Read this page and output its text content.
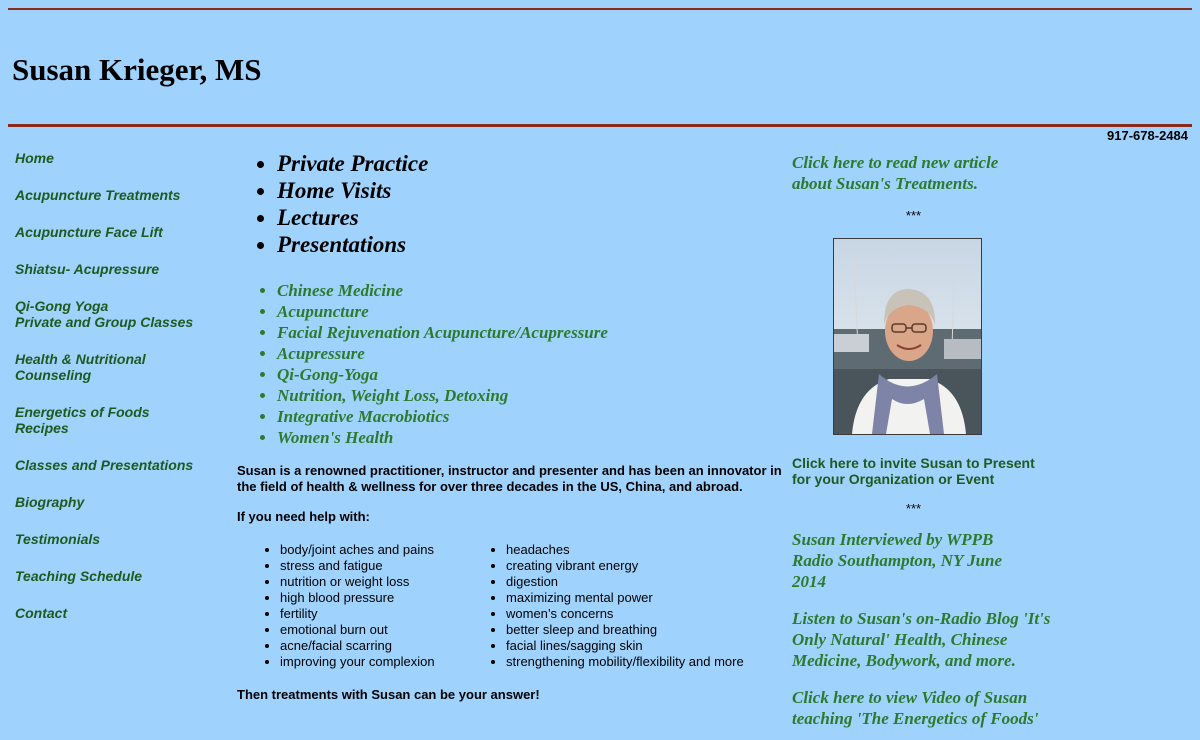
Susan Krieger, MS
917-678-2484
Home
Acupuncture Treatments
Acupuncture Face Lift
Shiatsu- Acupressure
Qi-Gong Yoga
Private and Group Classes
Health & Nutritional
Counseling
Energetics of Foods
Recipes
Classes and Presentations
Biography
Testimonials
Teaching Schedule
Contact
• Private Practice
• Home Visits
• Lectures
• Presentations
• Chinese Medicine
• Acupuncture
• Facial Rejuvenation Acupuncture/Acupressure
• Acupressure
• Qi-Gong-Yoga
• Nutrition, Weight Loss, Detoxing
• Integrative Macrobiotics
• Women's Health

Susan is a renowned practitioner, instructor and presenter and has been an innovator in the field of health & wellness for over three decades in the US, China, and abroad.

If you need help with:

• body/joint aches and pains
• stress and fatigue
• nutrition or weight loss
• high blood pressure
• fertility
• emotional burn out
• acne/facial scarring
• improving your complexion
• headaches
• creating vibrant energy
• digestion
• maximizing mental power
• women’s concerns
• better sleep and breathing
• facial lines/sagging skin
• strengthening mobility/flexibility and more

Then treatments with Susan can be your answer!

Click here to read new article about Susan's Treatments.
***
Click here to invite Susan to Present for your Organization or Event
***
Susan Interviewed by WPPB Radio Southampton, NY June 2014
Listen to Susan's on-Radio Blog 'It's Only Natural' Health, Chinese Medicine, Bodywork, and more.
Click here to view Video of Susan teaching 'The Energetics of Foods'
